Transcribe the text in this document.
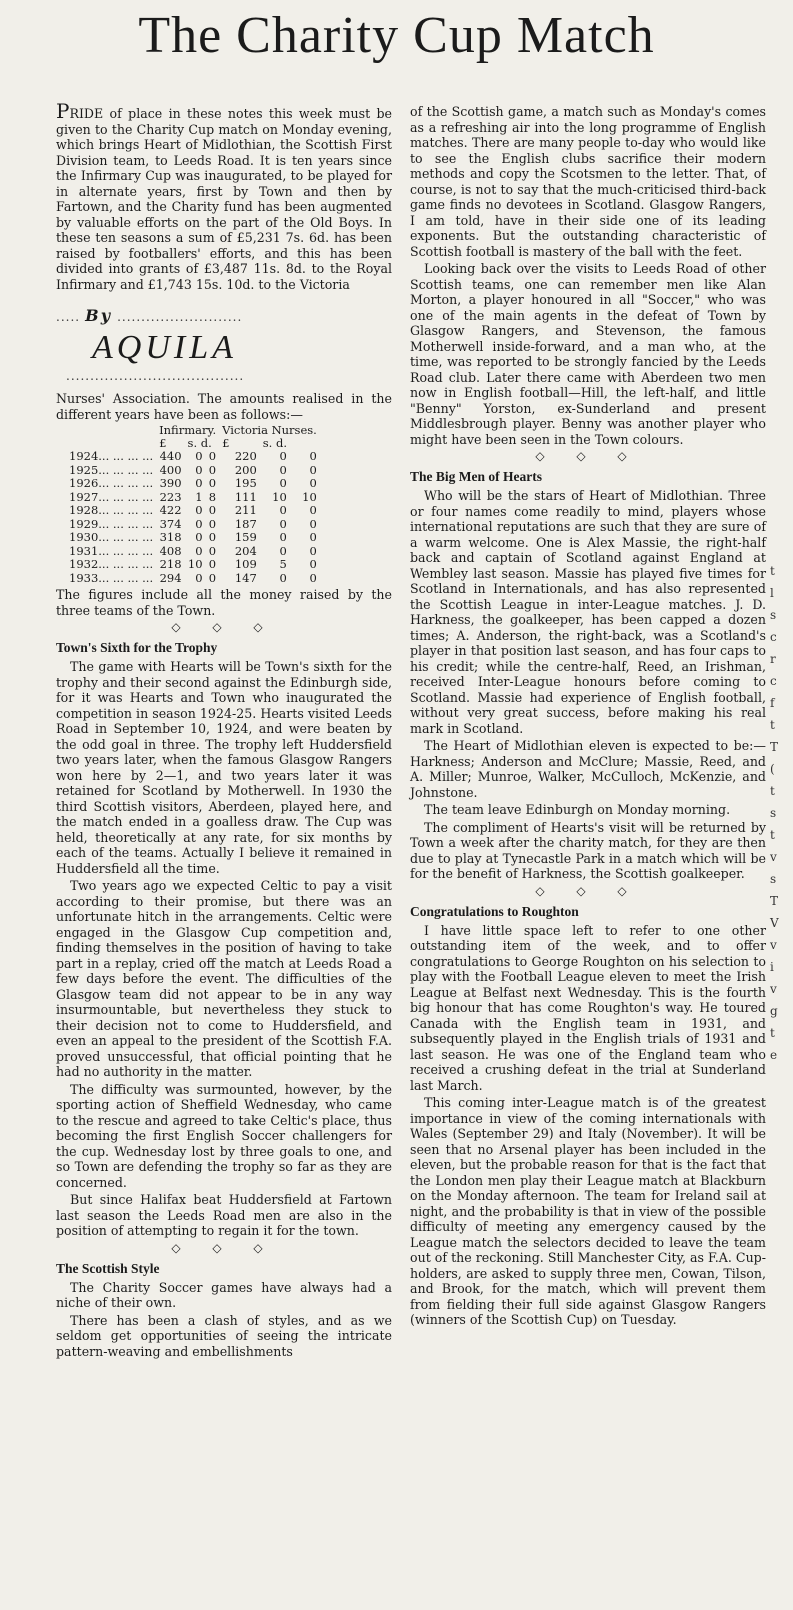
The Charity Cup Match

PRIDE of place in these notes this week must be given to the Charity Cup match on Monday evening, which brings Heart of Midlothian, the Scottish First Division team, to Leeds Road. It is ten years since the Infirmary Cup was inaugurated, to be played for in alternate years, first by Town and then by Fartown, and the Charity fund has been augmented by valuable efforts on the part of the Old Boys. In these ten seasons a sum of £5,231 7s. 6d. has been raised by footballers' efforts, and this has been divided into grants of £3,487 11s. 8d. to the Royal Infirmary and £1,743 15s. 10d. to the Victoria

..... By ..........................
AQUILA
.....................................

Nurses' Association. The amounts realised in the different years have been as follows:—

	Infirmary.			Victoria Nurses.		
	£	s. d.		£	s. d.	
1924... ... ... ...	440	0	0	220	0	0
1925... ... ... ...	400	0	0	200	0	0
1926... ... ... ...	390	0	0	195	0	0
1927... ... ... ...	223	1	8	111	10	10
1928... ... ... ...	422	0	0	211	0	0
1929... ... ... ...	374	0	0	187	0	0
1930... ... ... ...	318	0	0	159	0	0
1931... ... ... ...	408	0	0	204	0	0
1932... ... ... ...	218	10	0	109	5	0
1933... ... ... ...	294	0	0	147	0	0

The figures include all the money raised by the three teams of the Town.

◇ ◇ ◇
Town's Sixth for the Trophy

The game with Hearts will be Town's sixth for the trophy and their second against the Edinburgh side, for it was Hearts and Town who inaugurated the competition in season 1924-25. Hearts visited Leeds Road in September 10, 1924, and were beaten by the odd goal in three. The trophy left Huddersfield two years later, when the famous Glasgow Rangers won here by 2—1, and two years later it was retained for Scotland by Motherwell. In 1930 the third Scottish visitors, Aberdeen, played here, and the match ended in a goalless draw. The Cup was held, theoretically at any rate, for six months by each of the teams. Actually I believe it remained in Huddersfield all the time.

Two years ago we expected Celtic to pay a visit according to their promise, but there was an unfortunate hitch in the arrangements. Celtic were engaged in the Glasgow Cup competition and, finding themselves in the position of having to take part in a replay, cried off the match at Leeds Road a few days before the event. The difficulties of the Glasgow team did not appear to be in any way insurmountable, but nevertheless they stuck to their decision not to come to Huddersfield, and even an appeal to the president of the Scottish F.A. proved unsuccessful, that official pointing that he had no authority in the matter.

The difficulty was surmounted, however, by the sporting action of Sheffield Wednesday, who came to the rescue and agreed to take Celtic's place, thus becoming the first English Soccer challengers for the cup. Wednesday lost by three goals to one, and so Town are defending the trophy so far as they are concerned.

But since Halifax beat Huddersfield at Fartown last season the Leeds Road men are also in the position of attempting to regain it for the town.

◇ ◇ ◇
The Scottish Style

The Charity Soccer games have always had a niche of their own.

There has been a clash of styles, and as we seldom get opportunities of seeing the intricate pattern-weaving and embellishments

of the Scottish game, a match such as Monday's comes as a refreshing air into the long programme of English matches. There are many people to-day who would like to see the English clubs sacrifice their modern methods and copy the Scotsmen to the letter. That, of course, is not to say that the much-criticised third-back game finds no devotees in Scotland. Glasgow Rangers, I am told, have in their side one of its leading exponents. But the outstanding characteristic of Scottish football is mastery of the ball with the feet.

Looking back over the visits to Leeds Road of other Scottish teams, one can remember men like Alan Morton, a player honoured in all "Soccer," who was one of the main agents in the defeat of Town by Glasgow Rangers, and Stevenson, the famous Motherwell inside-forward, and a man who, at the time, was reported to be strongly fancied by the Leeds Road club. Later there came with Aberdeen two men now in English football—Hill, the left-half, and little "Benny" Yorston, ex-Sunderland and present Middlesbrough player. Benny was another player who might have been seen in the Town colours.

◇ ◇ ◇
The Big Men of Hearts

Who will be the stars of Heart of Midlothian. Three or four names come readily to mind, players whose international reputations are such that they are sure of a warm welcome. One is Alex Massie, the right-half back and captain of Scotland against England at Wembley last season. Massie has played five times for Scotland in Internationals, and has also represented the Scottish League in inter-League matches. J. D. Harkness, the goalkeeper, has been capped a dozen times; A. Anderson, the right-back, was a Scotland's player in that position last season, and has four caps to his credit; while the centre-half, Reed, an Irishman, received Inter-League honours before coming to Scotland. Massie had experience of English football, without very great success, before making his real mark in Scotland.

The Heart of Midlothian eleven is expected to be:—Harkness; Anderson and McClure; Massie, Reed, and A. Miller; Munroe, Walker, McCulloch, McKenzie, and Johnstone.

The team leave Edinburgh on Monday morning.

The compliment of Hearts's visit will be returned by Town a week after the charity match, for they are then due to play at Tynecastle Park in a match which will be for the benefit of Harkness, the Scottish goalkeeper.

◇ ◇ ◇
Congratulations to Roughton

I have little space left to refer to one other outstanding item of the week, and to offer congratulations to George Roughton on his selection to play with the Football League eleven to meet the Irish League at Belfast next Wednesday. This is the fourth big honour that has come Roughton's way. He toured Canada with the English team in 1931, and subsequently played in the English trials of 1931 and last season. He was one of the England team who received a crushing defeat in the trial at Sunderland last March.

This coming inter-League match is of the greatest importance in view of the coming internationals with Wales (September 29) and Italy (November). It will be seen that no Arsenal player has been included in the eleven, but the probable reason for that is the fact that the London men play their League match at Blackburn on the Monday afternoon. The team for Ireland sail at night, and the probability is that in view of the possible difficulty of meeting any emergency caused by the League match the selectors decided to leave the team out of the reckoning. Still Manchester City, as F.A. Cup-holders, are asked to supply three men, Cowan, Tilson, and Brook, for the match, which will prevent them from fielding their full side against Glasgow Rangers (winners of the Scottish Cup) on Tuesday.

t
l
s
c
r
c
f
t
T
(
t
s
t
v
s
T
V
v
i
v
g
t
e
